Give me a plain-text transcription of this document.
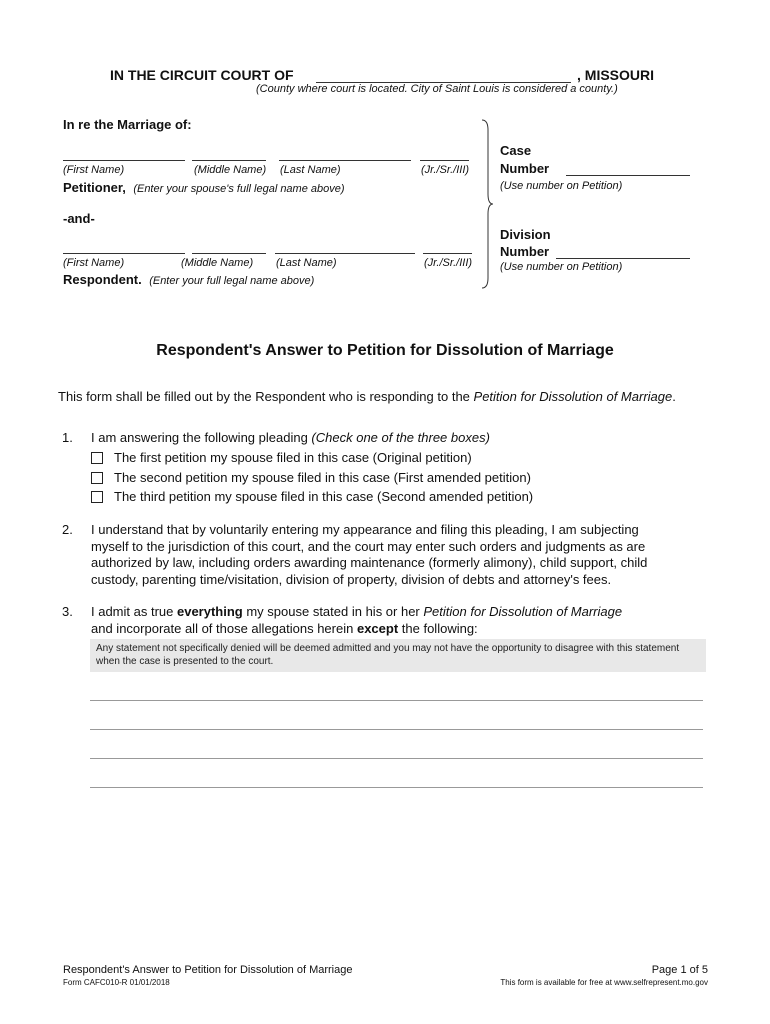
IN THE CIRCUIT COURT OF	, MISSOURI
(County where court is located. City of Saint Louis is considered a county.)
In re the Marriage of:
(First Name)	(Middle Name) (Last Name)	(Jr./Sr./III)
Petitioner, (Enter your spouse's full legal name above)
-and-
(First Name)	(Middle Name) (Last Name)	(Jr./Sr./III)
Respondent. (Enter your full legal name above)
Case
Number
(Use number on Petition)
Division
Number
(Use number on Petition)
Respondent's Answer to Petition for Dissolution of Marriage
This form shall be filled out by the Respondent who is responding to the Petition for Dissolution of Marriage.
1. I am answering the following pleading (Check one of the three boxes)
The first petition my spouse filed in this case (Original petition)
The second petition my spouse filed in this case (First amended petition)
The third petition my spouse filed in this case (Second amended petition)
2. I understand that by voluntarily entering my appearance and filing this pleading, I am subjecting
myself to the jurisdiction of this court, and the court may enter such orders and judgments as are
authorized by law, including orders awarding maintenance (formerly alimony), child support, child
custody, parenting time/visitation, division of property, division of debts and attorney's fees.
3. I admit as true everything my spouse stated in his or her Petition for Dissolution of Marriage
and incorporate all of those allegations herein except the following:
Any statement not specifically denied will be deemed admitted and you may not have the opportunity to disagree with this statement when the case is presented to the court.
Respondent's Answer to Petition for Dissolution of Marriage
Form CAFC010-R 01/01/2018
Page 1 of 5
This form is available for free at www.selfrepresent.mo.gov
